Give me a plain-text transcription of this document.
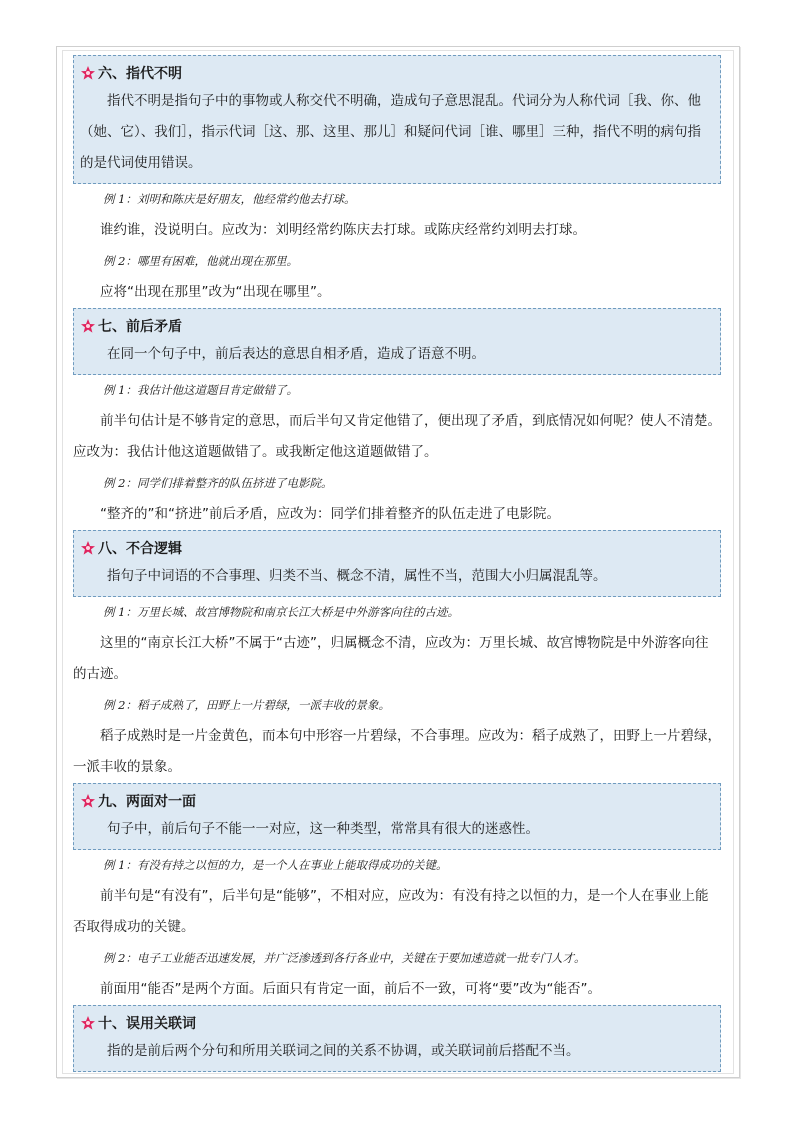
六、指代不明

指代不明是指句子中的事物或人称交代不明确，造成句子意思混乱。代词分为人称代词［我、你、他（她、它）、我们］，指示代词［这、那、这里、那儿］和疑问代词［谁、哪里］三种，指代不明的病句指的是代词使用错误。

例 1：刘明和陈庆是好朋友，他经常约他去打球。

谁约谁，没说明白。应改为：刘明经常约陈庆去打球。或陈庆经常约刘明去打球。

例 2：哪里有困难，他就出现在那里。

应将“出现在那里”改为“出现在哪里”。

七、前后矛盾

在同一个句子中，前后表达的意思自相矛盾，造成了语意不明。

例 1：我估计他这道题目肯定做错了。

前半句估计是不够肯定的意思，而后半句又肯定他错了，便出现了矛盾，到底情况如何呢？使人不清楚。应改为：我估计他这道题做错了。或我断定他这道题做错了。

例 2：同学们排着整齐的队伍挤进了电影院。

“整齐的”和“挤进”前后矛盾，应改为：同学们排着整齐的队伍走进了电影院。

八、不合逻辑

指句子中词语的不合事理、归类不当、概念不清，属性不当，范围大小归属混乱等。

例 1：万里长城、故宫博物院和南京长江大桥是中外游客向往的古迹。

这里的“南京长江大桥”不属于“古迹”，归属概念不清，应改为：万里长城、故宫博物院是中外游客向往的古迹。

例 2：稻子成熟了，田野上一片碧绿，一派丰收的景象。

稻子成熟时是一片金黄色，而本句中形容一片碧绿，不合事理。应改为：稻子成熟了，田野上一片碧绿，一派丰收的景象。

九、两面对一面

句子中，前后句子不能一一对应，这一种类型，常常具有很大的迷惑性。

例 1：有没有持之以恒的力，是一个人在事业上能取得成功的关键。

前半句是“有没有”，后半句是“能够”，不相对应，应改为：有没有持之以恒的力，是一个人在事业上能否取得成功的关键。

例 2：电子工业能否迅速发展，并广泛渗透到各行各业中，关键在于要加速造就一批专门人才。

前面用“能否”是两个方面。后面只有肯定一面，前后不一致，可将“要”改为“能否”。

十、误用关联词

指的是前后两个分句和所用关联词之间的关系不协调，或关联词前后搭配不当。
